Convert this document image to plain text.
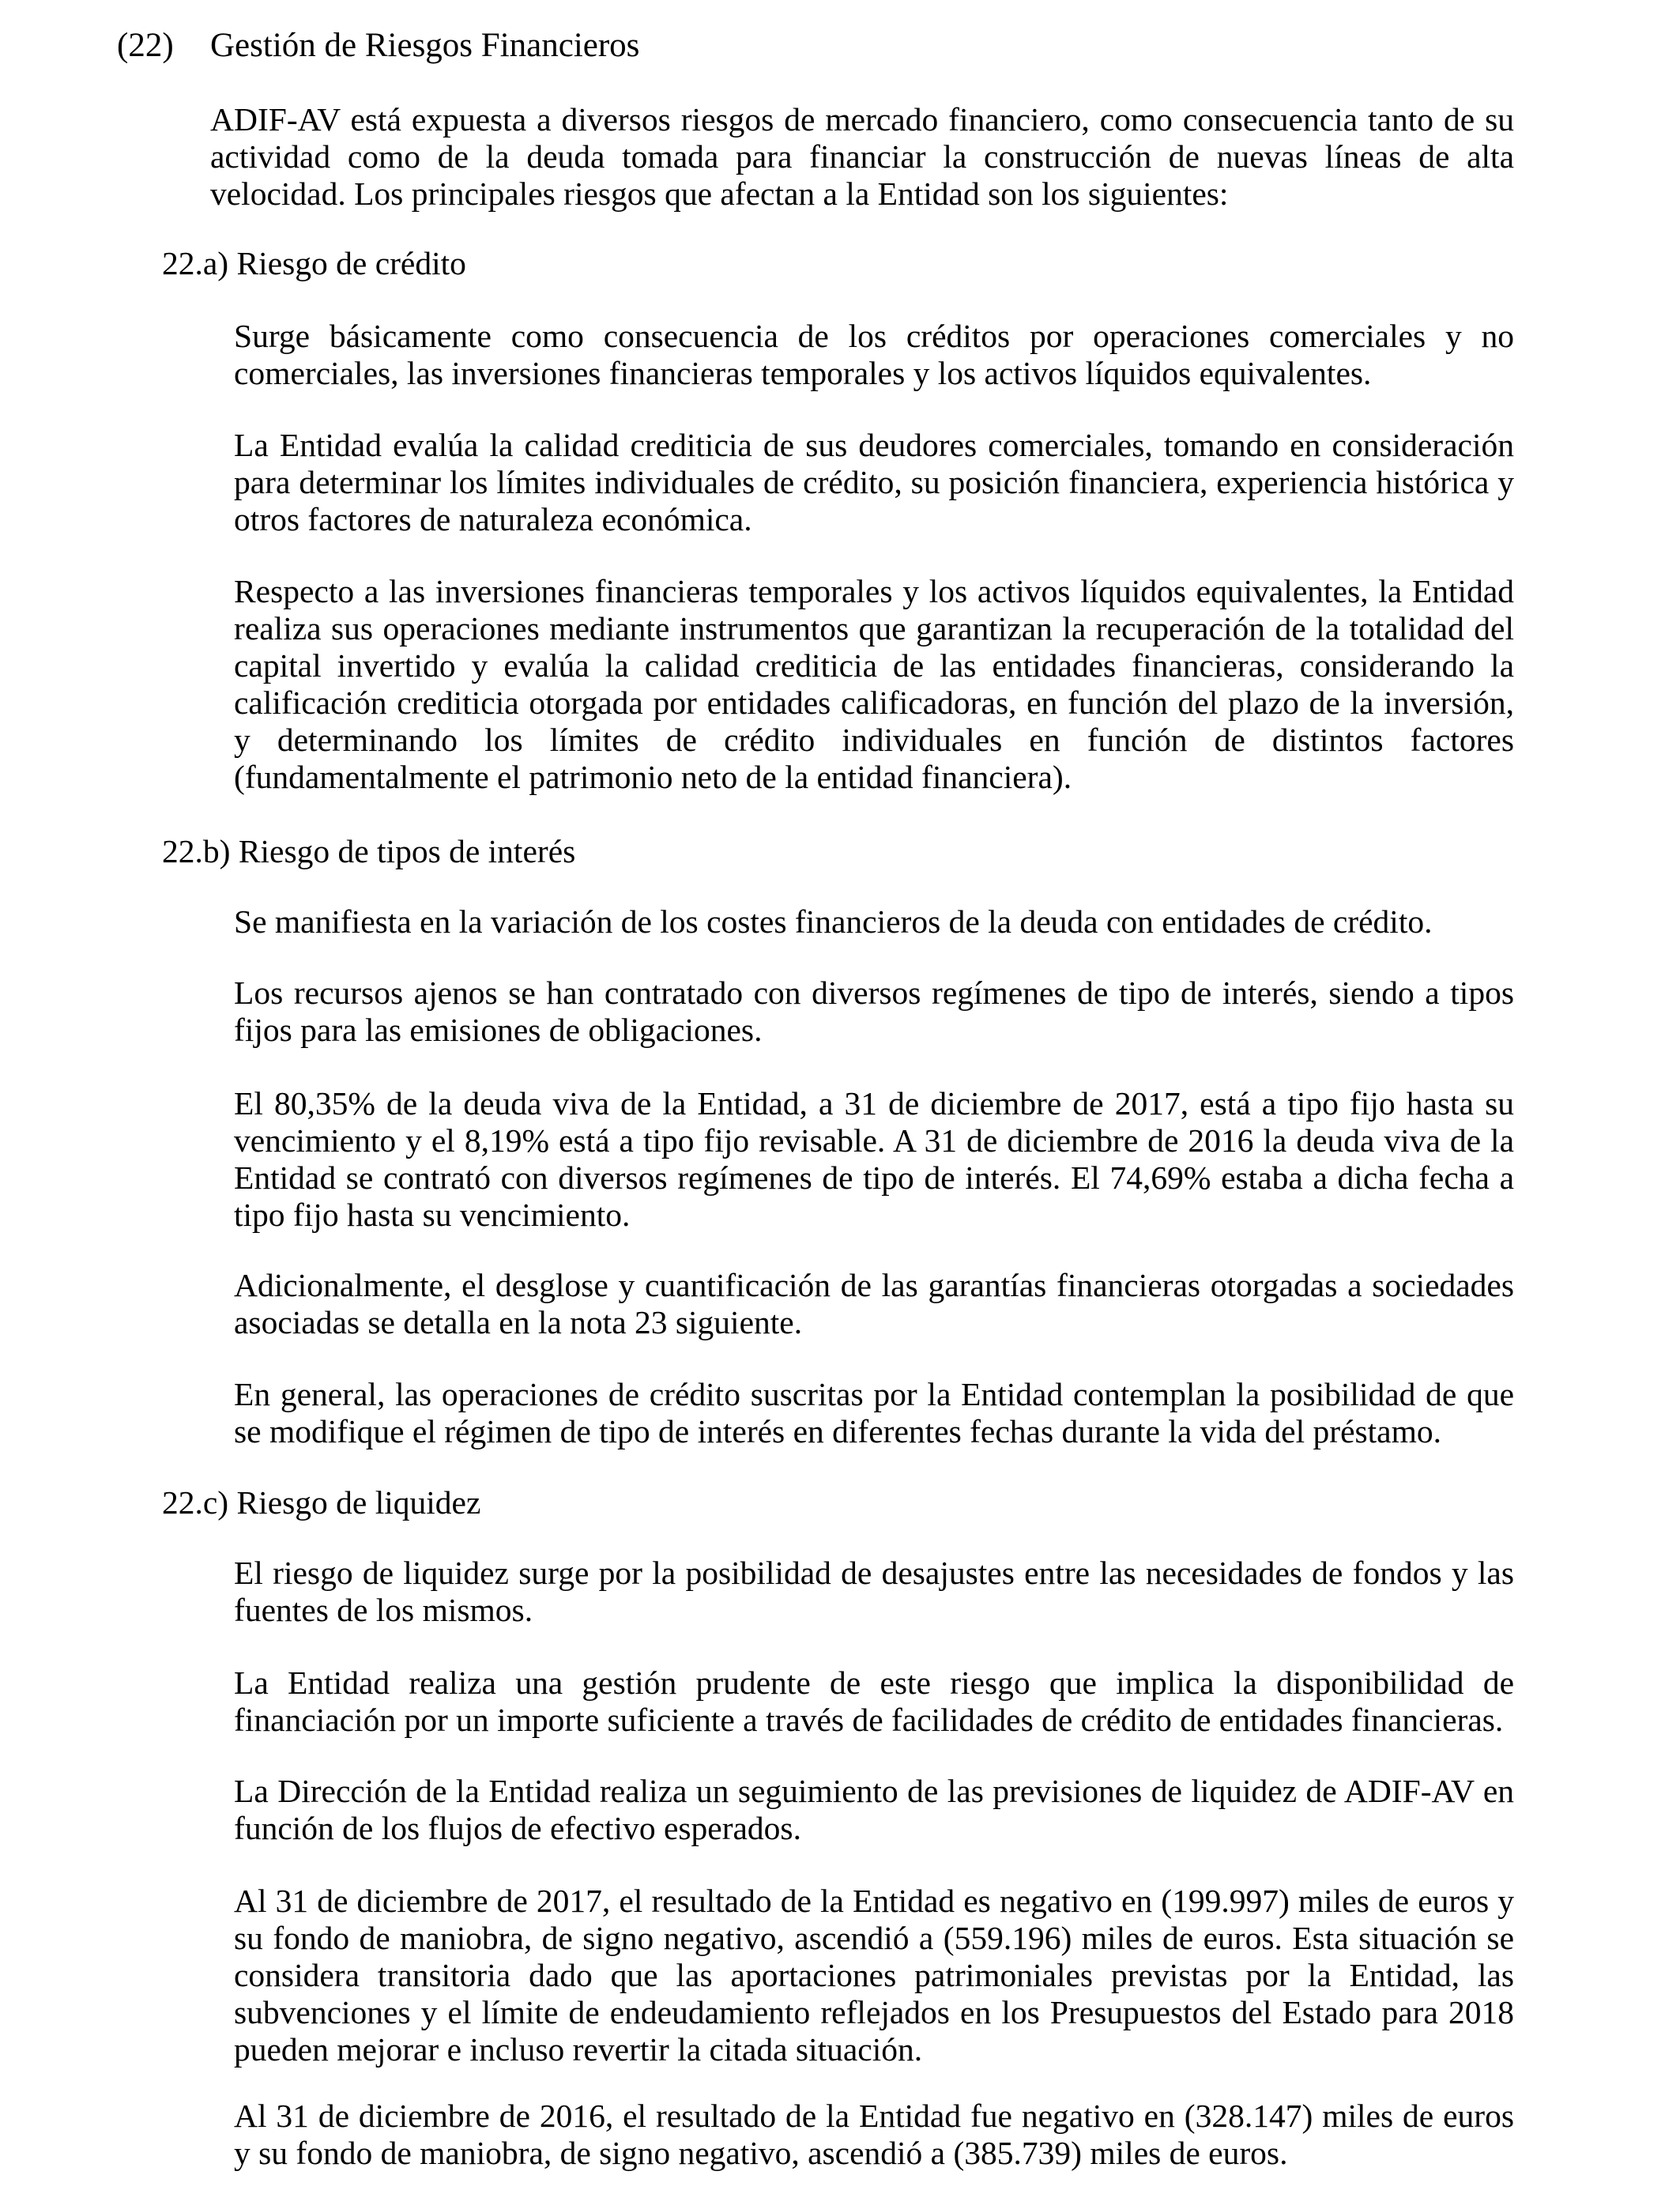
(22) Gestión de Riesgos Financieros
ADIF-AV está expuesta a diversos riesgos de mercado financiero, como consecuencia tanto de su actividad como de la deuda tomada para financiar la construcción de nuevas líneas de alta velocidad. Los principales riesgos que afectan a la Entidad son los siguientes:
22.a) Riesgo de crédito
Surge básicamente como consecuencia de los créditos por operaciones comerciales y no comerciales, las inversiones financieras temporales y los activos líquidos equivalentes.
La Entidad evalúa la calidad crediticia de sus deudores comerciales, tomando en consideración para determinar los límites individuales de crédito, su posición financiera, experiencia histórica y otros factores de naturaleza económica.
Respecto a las inversiones financieras temporales y los activos líquidos equivalentes, la Entidad realiza sus operaciones mediante instrumentos que garantizan la recuperación de la totalidad del capital invertido y evalúa la calidad crediticia de las entidades financieras, considerando la calificación crediticia otorgada por entidades calificadoras, en función del plazo de la inversión, y determinando los límites de crédito individuales en función de distintos factores (fundamentalmente el patrimonio neto de la entidad financiera).
22.b) Riesgo de tipos de interés
Se manifiesta en la variación de los costes financieros de la deuda con entidades de crédito.
Los recursos ajenos se han contratado con diversos regímenes de tipo de interés, siendo a tipos fijos para las emisiones de obligaciones.
El 80,35% de la deuda viva de la Entidad, a 31 de diciembre de 2017, está a tipo fijo hasta su vencimiento y el 8,19% está a tipo fijo revisable. A 31 de diciembre de 2016 la deuda viva de la Entidad se contrató con diversos regímenes de tipo de interés. El 74,69% estaba a dicha fecha a tipo fijo hasta su vencimiento.
Adicionalmente, el desglose y cuantificación de las garantías financieras otorgadas a sociedades asociadas se detalla en la nota 23 siguiente.
En general, las operaciones de crédito suscritas por la Entidad contemplan la posibilidad de que se modifique el régimen de tipo de interés en diferentes fechas durante la vida del préstamo.
22.c) Riesgo de liquidez
El riesgo de liquidez surge por la posibilidad de desajustes entre las necesidades de fondos y las fuentes de los mismos.
La Entidad realiza una gestión prudente de este riesgo que implica la disponibilidad de financiación por un importe suficiente a través de facilidades de crédito de entidades financieras.
La Dirección de la Entidad realiza un seguimiento de las previsiones de liquidez de ADIF-AV en función de los flujos de efectivo esperados.
Al 31 de diciembre de 2017, el resultado de la Entidad es negativo en (199.997) miles de euros y su fondo de maniobra, de signo negativo, ascendió a (559.196) miles de euros. Esta situación se considera transitoria dado que las aportaciones patrimoniales previstas por la Entidad, las subvenciones y el límite de endeudamiento reflejados en los Presupuestos del Estado para 2018 pueden mejorar e incluso revertir la citada situación.
Al 31 de diciembre de 2016, el resultado de la Entidad fue negativo en (328.147) miles de euros y su fondo de maniobra, de signo negativo, ascendió a (385.739) miles de euros.
